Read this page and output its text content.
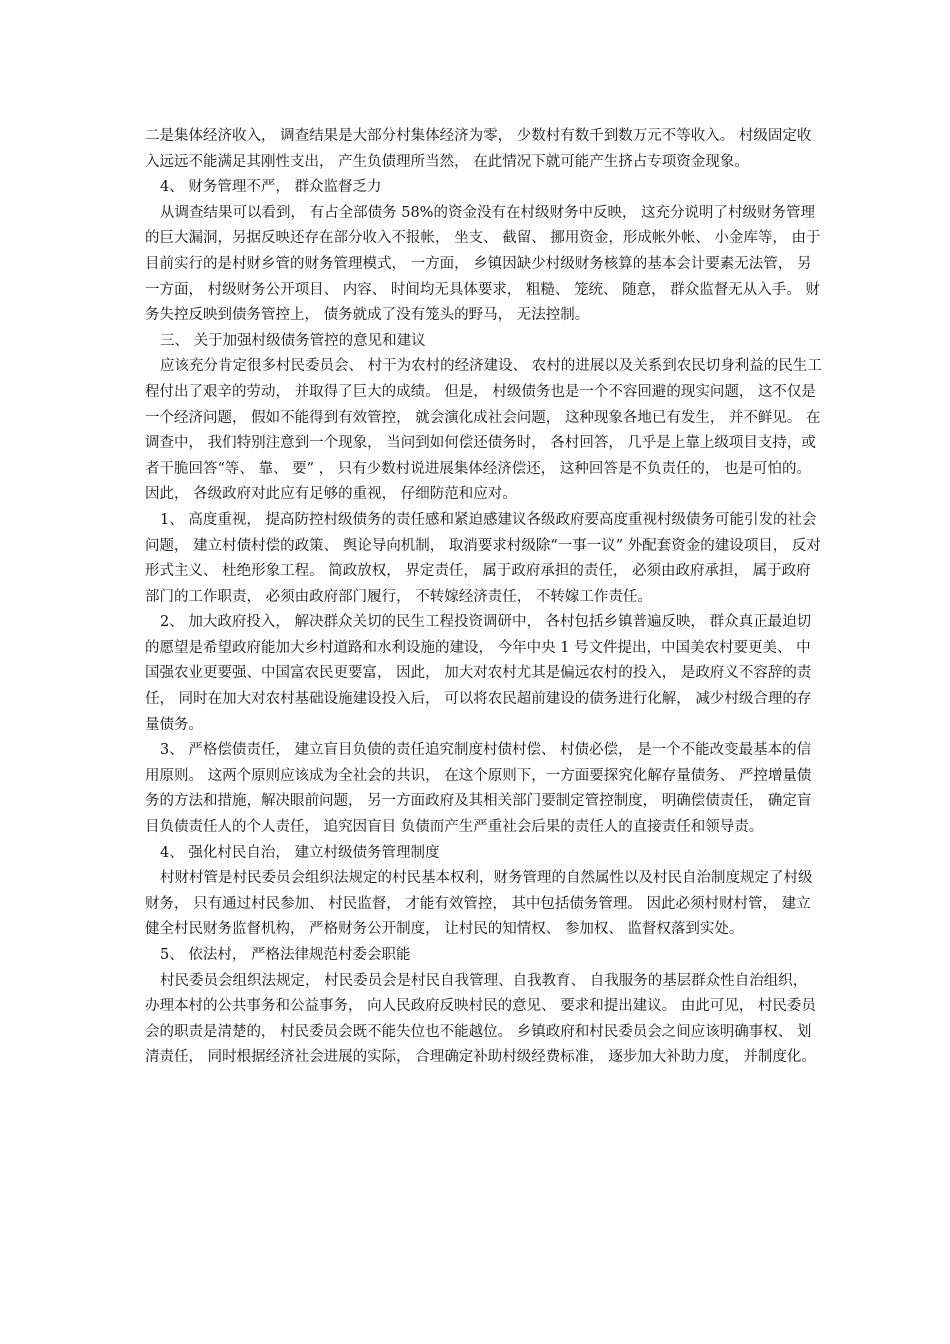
二是集体经济收入， 调查结果是大部分村集体经济为零， 少数村有数千到数万元不等收入。 村级固定收入远远不能满足其刚性支出， 产生负债理所当然， 在此情况下就可能产生挤占专项资金现象。

4、 财务管理不严， 群众监督乏力

从调查结果可以看到， 有占全部债务 58%的资金没有在村级财务中反映， 这充分说明了村级财务管理的巨大漏洞，另据反映还存在部分收入不报帐， 坐支、 截留、 挪用资金，形成帐外帐、 小金库等， 由于目前实行的是村财乡管的财务管理模式， 一方面， 乡镇因缺少村级财务核算的基本会计要素无法管， 另一方面， 村级财务公开项目、 内容、 时间均无具体要求， 粗糙、 笼统、 随意， 群众监督无从入手。 财务失控反映到债务管控上， 债务就成了没有笼头的野马， 无法控制。

三、 关于加强村级债务管控的意见和建议

应该充分肯定很多村民委员会、 村干为农村的经济建设、 农村的进展以及关系到农民切身利益的民生工程付出了艰辛的劳动， 并取得了巨大的成绩。 但是， 村级债务也是一个不容回避的现实问题， 这不仅是一个经济问题， 假如不能得到有效管控， 就会演化成社会问题， 这种现象各地已有发生， 并不鲜见。 在调查中， 我们特别注意到一个现象， 当问到如何偿还债务时， 各村回答， 几乎是上靠上级项目支持，或者干脆回答“等、 靠、 要” ， 只有少数村说进展集体经济偿还， 这种回答是不负责任的， 也是可怕的。 因此， 各级政府对此应有足够的重视， 仔细防范和应对。

1、 高度重视， 提高防控村级债务的责任感和紧迫感建议各级政府要高度重视村级债务可能引发的社会问题， 建立村债村偿的政策、 舆论导向机制， 取消要求村级除“一事一议” 外配套资金的建设项目， 反对形式主义、 杜绝形象工程。 简政放权， 界定责任， 属于政府承担的责任， 必须由政府承担， 属于政府部门的工作职责， 必须由政府部门履行， 不转嫁经济责任， 不转嫁工作责任。

2、 加大政府投入， 解决群众关切的民生工程投资调研中， 各村包括乡镇普遍反映， 群众真正最迫切的愿望是希望政府能加大乡村道路和水利设施的建设， 今年中央 1 号文件提出，中国美农村要更美、 中国强农业更要强、中国富农民更要富， 因此， 加大对农村尤其是偏远农村的投入， 是政府义不容辞的责任， 同时在加大对农村基础设施建设投入后， 可以将农民超前建设的债务进行化解， 减少村级合理的存量债务。

3、 严格偿债责任， 建立盲目负债的责任追究制度村债村偿、 村债必偿， 是一个不能改变最基本的信用原则。 这两个原则应该成为全社会的共识， 在这个原则下，一方面要探究化解存量债务、 严控增量债务的方法和措施，解决眼前问题， 另一方面政府及其相关部门要制定管控制度， 明确偿债责任， 确定盲目负债责任人的个人责任， 追究因盲目 负债而产生严重社会后果的责任人的直接责任和领导责。

4、 强化村民自治， 建立村级债务管理制度

村财村管是村民委员会组织法规定的村民基本权利，财务管理的自然属性以及村民自治制度规定了村级财务， 只有通过村民参加、 村民监督， 才能有效管控， 其中包括债务管理。 因此必须村财村管， 建立健全村民财务监督机构， 严格财务公开制度， 让村民的知情权、 参加权、 监督权落到实处。

5、 依法村， 严格法律规范村委会职能

村民委员会组织法规定， 村民委员会是村民自我管理、自我教育、 自我服务的基层群众性自治组织， 办理本村的公共事务和公益事务， 向人民政府反映村民的意见、 要求和提出建议。 由此可见， 村民委员会的职责是清楚的， 村民委员会既不能失位也不能越位。 乡镇政府和村民委员会之间应该明确事权、 划清责任， 同时根据经济社会进展的实际， 合理确定补助村级经费标准， 逐步加大补助力度， 并制度化。
